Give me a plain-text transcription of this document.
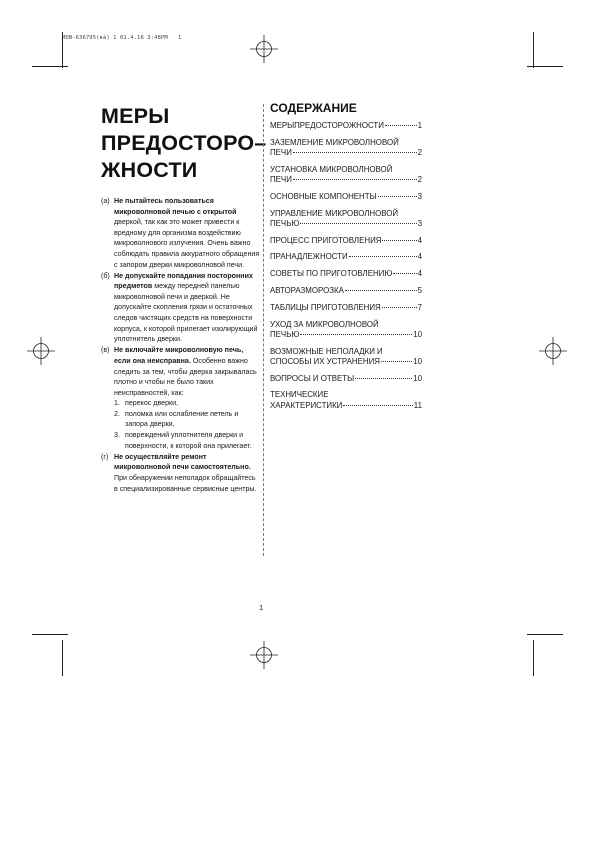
MOB-636795(ва́) 1 01.4.16 3:48PM   1
МЕРЫ
ПРЕДОСТОРО–
ЖНОСТИ
(а) Не пытайтесь пользоваться микроволновой печью с открытой дверкой, так как это может привести к вредному для организма воздействию микроволнового излучения. Очень важно соблюдать правила аккуратного обращения с запором дверки микроволновой печи.
(б) Не допускайте попадания посторонних предметов между передней панелью микроволновой печи и дверкой. Не допускайте скопления грязи и остаточных следов чистящих средств на поверхности корпуса, к которой прилегает изолирующий уплотнитель дверки.
(в) Не включайте микроволновую печь, если она неисправна. Особенно важно следить за тем, чтобы дверка закрывалась плотно и чтобы не было таких неисправностей, как:
1. перекос дверки,
2. поломка или ослабление петель и запора дверки,
3. повреждений уплотнителя дверки и поверхности, к которой она прилегает.
(г) Не осуществляйте ремонт микроволновой печи самостоятельно. При обнаружении неполадок обращайтесь в специализированные сервисные центры.
СОДЕРЖАНИЕ
МЕРЫПРЕДОСТОРОЖНОСТИ	1
ЗАЗЕМЛЕНИЕ МИКРОВОЛНОВОЙ
ПЕЧИ	2
УСТАНОВКА МИКРОВОЛНОВОЙ
ПЕЧИ	2
ОСНОВНЫЕ КОМПОНЕНТЫ	3
УПРАВЛЕНИЕ МИКРОВОЛНОВОЙ
ПЕЧЬЮ	3
ПРОЦЕСС ПРИГОТОВЛЕНИЯ	4
ПРАНАДЛЕЖНОСТИ	4
СОВЕТЫ ПО ПРИГОТОВЛЕНИЮ	4
АВТОРАЗМОРОЗКА	5
ТАБЛИЦЫ ПРИГОТОВЛЕНИЯ	7
УХОД ЗА МИКРОВОЛНОВОЙ
ПЕЧЬЮ	10
ВОЗМОЖНЫЕ НЕПОЛАДКИ И
СПОСОБЫ ИХ УСТРАНЕНИЯ	10
ВОПРОСЫ И ОТВЕТЫ	10
ТЕХНИЧЕСКИЕ
ХАРАКТЕРИСТИКИ	11
1
